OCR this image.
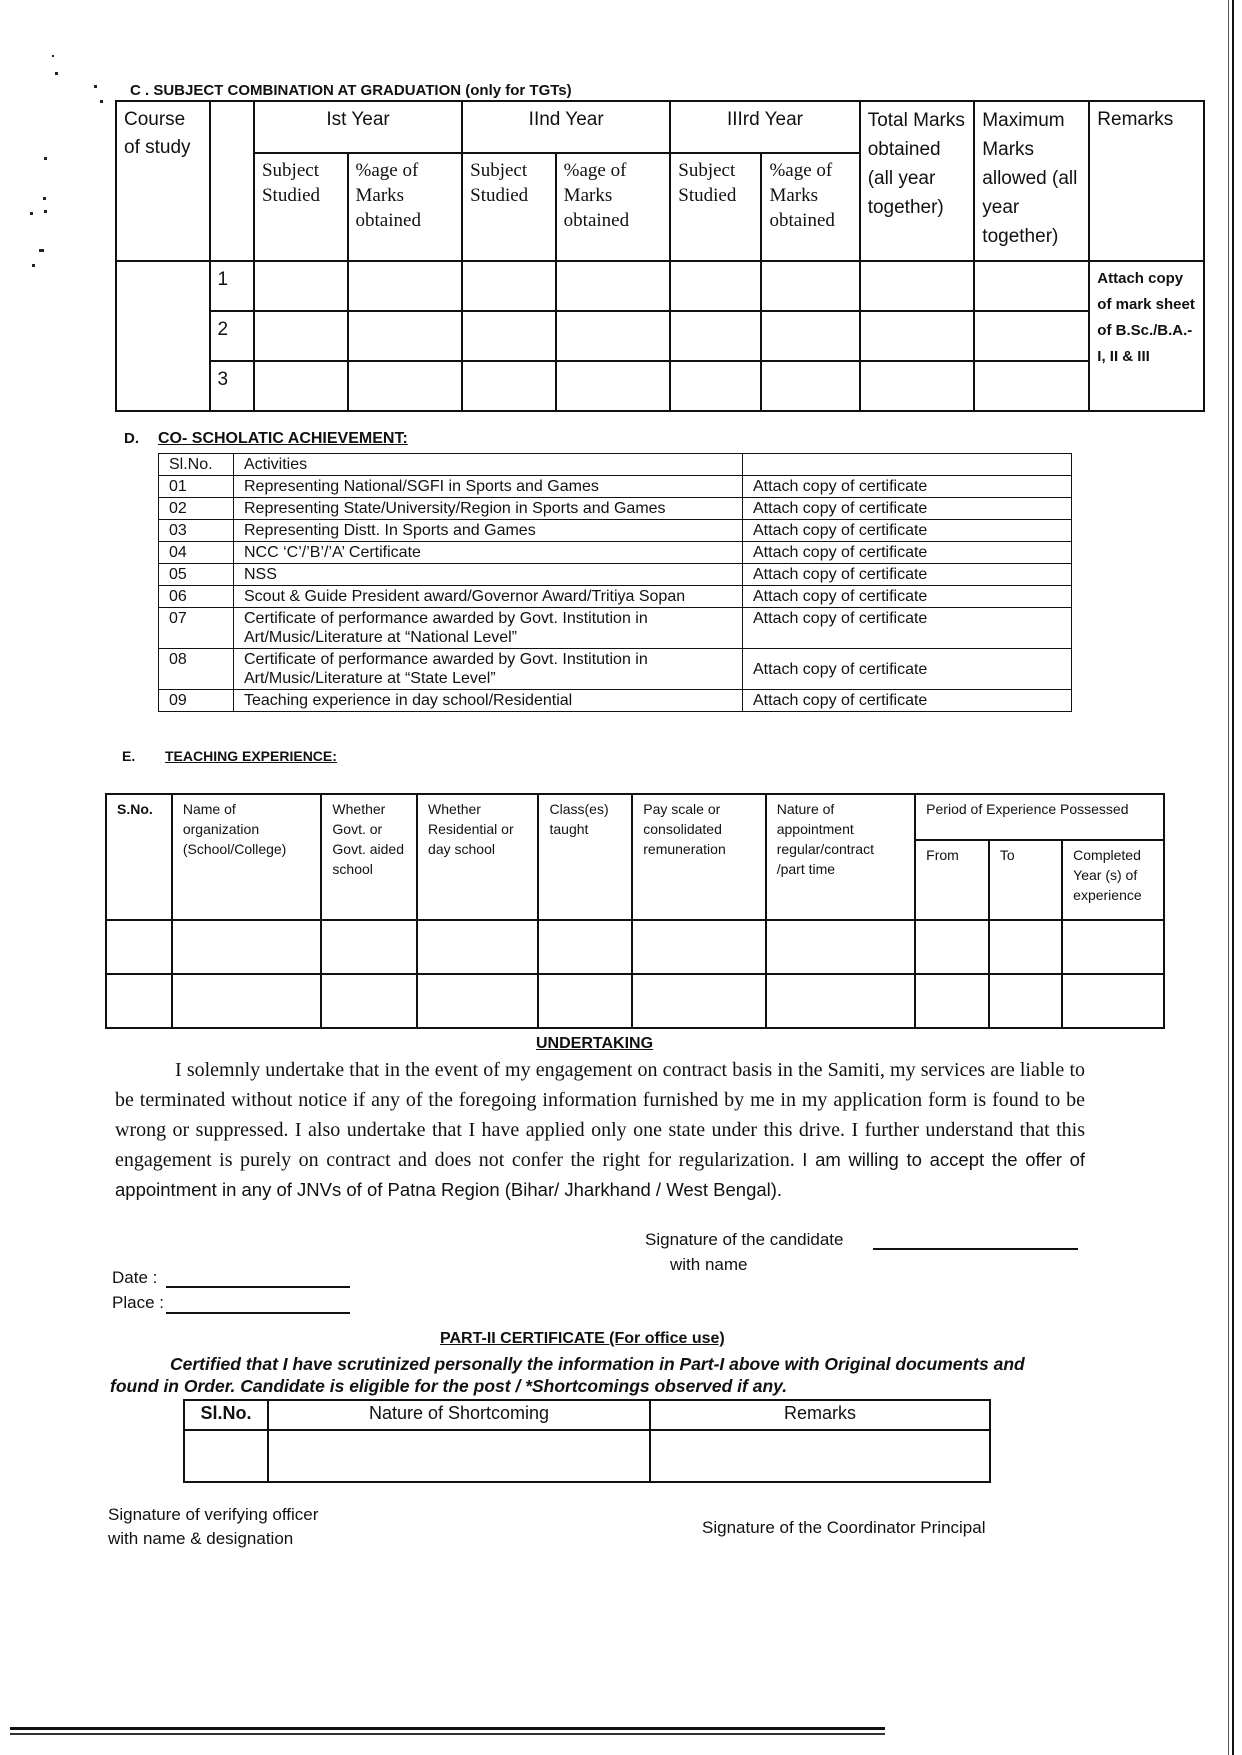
C . SUBJECT COMBINATION AT GRADUATION (only for TGTs)
Course of study		Ist Year		IInd Year		IIIrd Year		Total Marks obtained (all year together)	Maximum Marks allowed (all year together)	Remarks
		Subject Studied	%age of Marks obtained	Subject Studied	%age of Marks obtained	Subject Studied	%age of Marks obtained			
	1									Attach copy of mark sheet of B.Sc./B.A.- I, II & III
	2									
	3									
D. CO- SCHOLATIC ACHIEVEMENT:
Sl.No.	Activities	
01	Representing National/SGFI in Sports and Games	Attach copy of certificate
02	Representing State/University/Region in Sports and Games	Attach copy of certificate
03	Representing Distt. In Sports and Games	Attach copy of certificate
04	NCC ‘C’/’B’/’A’ Certificate	Attach copy of certificate
05	NSS	Attach copy of certificate
06	Scout & Guide President award/Governor Award/Tritiya Sopan	Attach copy of certificate
07	Certificate of performance awarded by Govt. Institution in Art/Music/Literature at “National Level”	Attach copy of certificate
08	Certificate of performance awarded by Govt. Institution in Art/Music/Literature at “State Level”	Attach copy of certificate
09	Teaching experience in day school/Residential	Attach copy of certificate
E. TEACHING EXPERIENCE:
S.No.	Name of organization (School/College)	Whether Govt. or Govt. aided school	Whether Residential or day school	Class(es) taught	Pay scale or consolidated remuneration	Nature of appointment regular/contract /part time	Period of Experience Possessed		
							From	To	Completed Year (s) of experience

UNDERTAKING
I solemnly undertake that in the event of my engagement on contract basis in the Samiti, my services are liable to be terminated without notice if any of the foregoing information furnished by me in my application form is found to be wrong or suppressed. I also undertake that I have applied only one state under this drive. I further understand that this engagement is purely on contract and does not confer the right for regularization. I am willing to accept the offer of appointment in any of JNVs of of Patna Region (Bihar/ Jharkhand / West Bengal).
Signature of the candidate
with name
Date :
Place :
PART-II CERTIFICATE (For office use)
Certified that I have scrutinized personally the information in Part-I above with Original documents and found in Order. Candidate is eligible for the post / *Shortcomings observed if any.
Sl.No.	Nature of Shortcoming	Remarks

Signature of verifying officer
with name & designation
Signature of the Coordinator Principal
